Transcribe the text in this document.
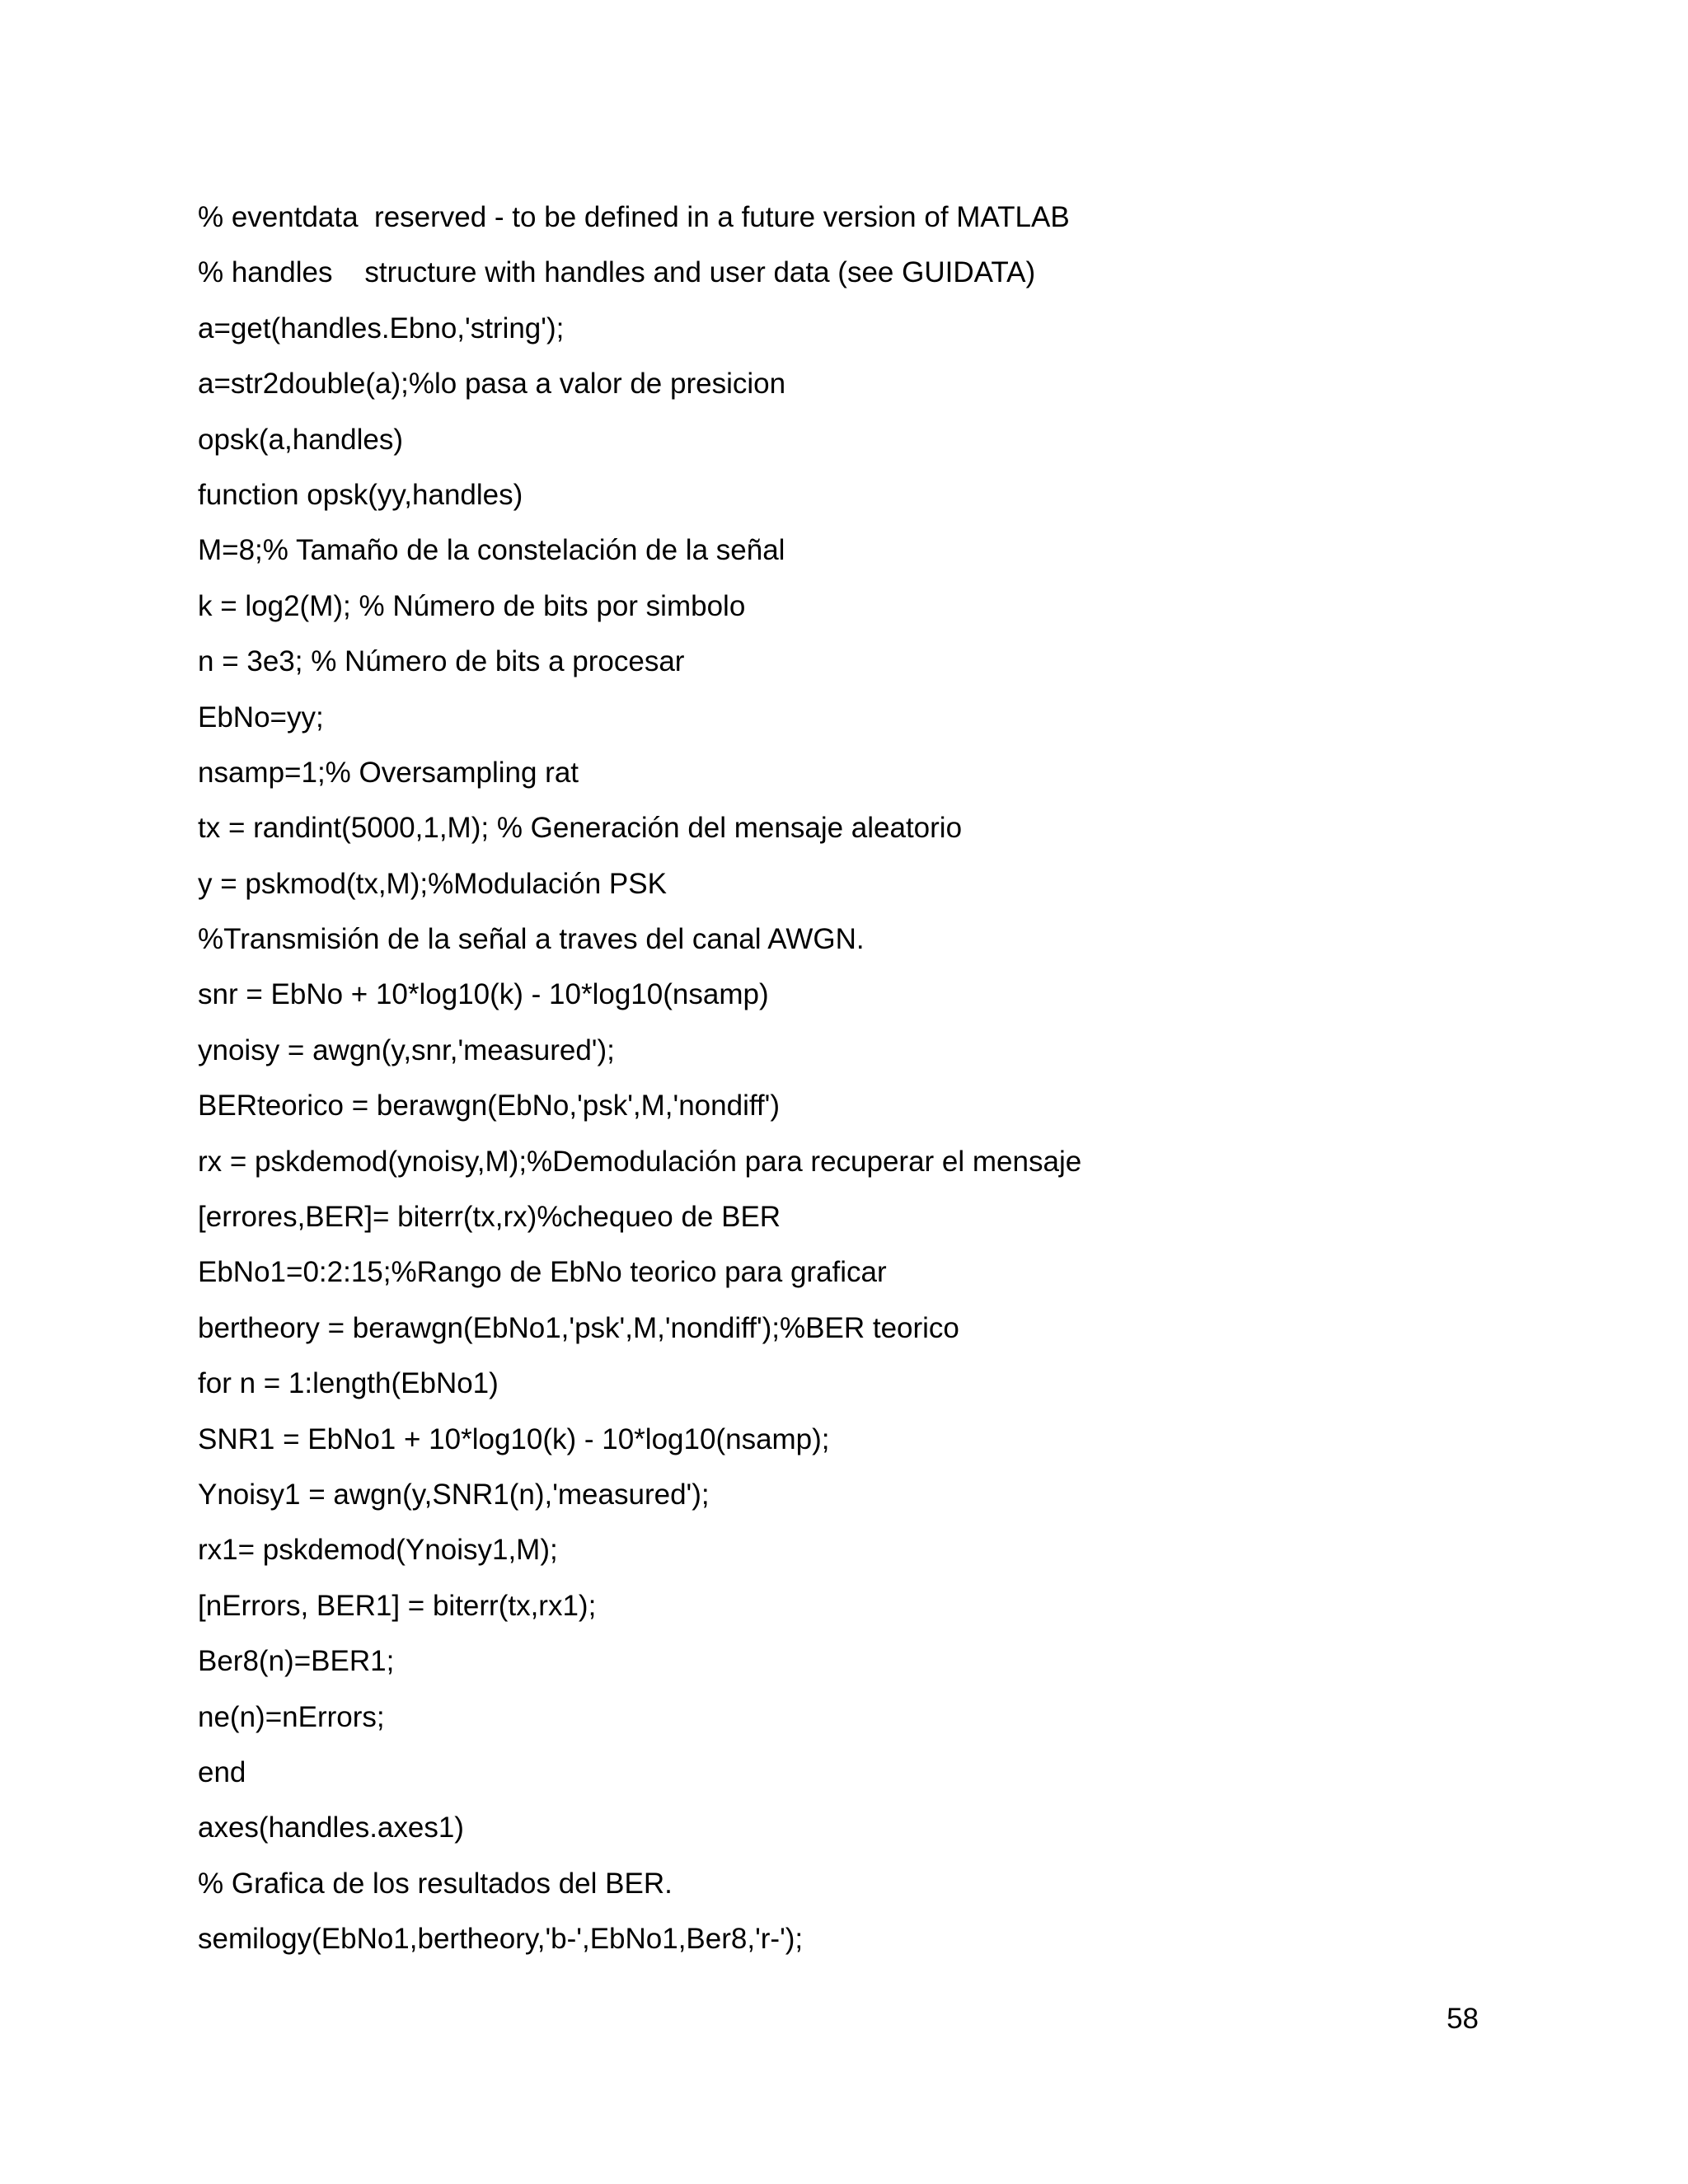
% eventdata  reserved - to be defined in a future version of MATLAB
% handles    structure with handles and user data (see GUIDATA)
a=get(handles.Ebno,'string');
a=str2double(a);%lo pasa a valor de presicion
opsk(a,handles)
function opsk(yy,handles)
M=8;% Tamaño de la constelación de la señal
k = log2(M); % Número de bits por simbolo
n = 3e3; % Número de bits a procesar
EbNo=yy;
nsamp=1;% Oversampling rat
tx = randint(5000,1,M); % Generación del mensaje aleatorio
y = pskmod(tx,M);%Modulación PSK
%Transmisión de la señal a traves del canal AWGN.
snr = EbNo + 10*log10(k) - 10*log10(nsamp)
ynoisy = awgn(y,snr,'measured');
BERteorico = berawgn(EbNo,'psk',M,'nondiff')
rx = pskdemod(ynoisy,M);%Demodulación para recuperar el mensaje
[errores,BER]= biterr(tx,rx)%chequeo de BER
EbNo1=0:2:15;%Rango de EbNo teorico para graficar
bertheory = berawgn(EbNo1,'psk',M,'nondiff');%BER teorico
for n = 1:length(EbNo1)
SNR1 = EbNo1 + 10*log10(k) - 10*log10(nsamp);
Ynoisy1 = awgn(y,SNR1(n),'measured');
rx1= pskdemod(Ynoisy1,M);
[nErrors, BER1] = biterr(tx,rx1);
Ber8(n)=BER1;
ne(n)=nErrors;
end
axes(handles.axes1)
% Grafica de los resultados del BER.
semilogy(EbNo1,bertheory,'b-',EbNo1,Ber8,'r-');
58
